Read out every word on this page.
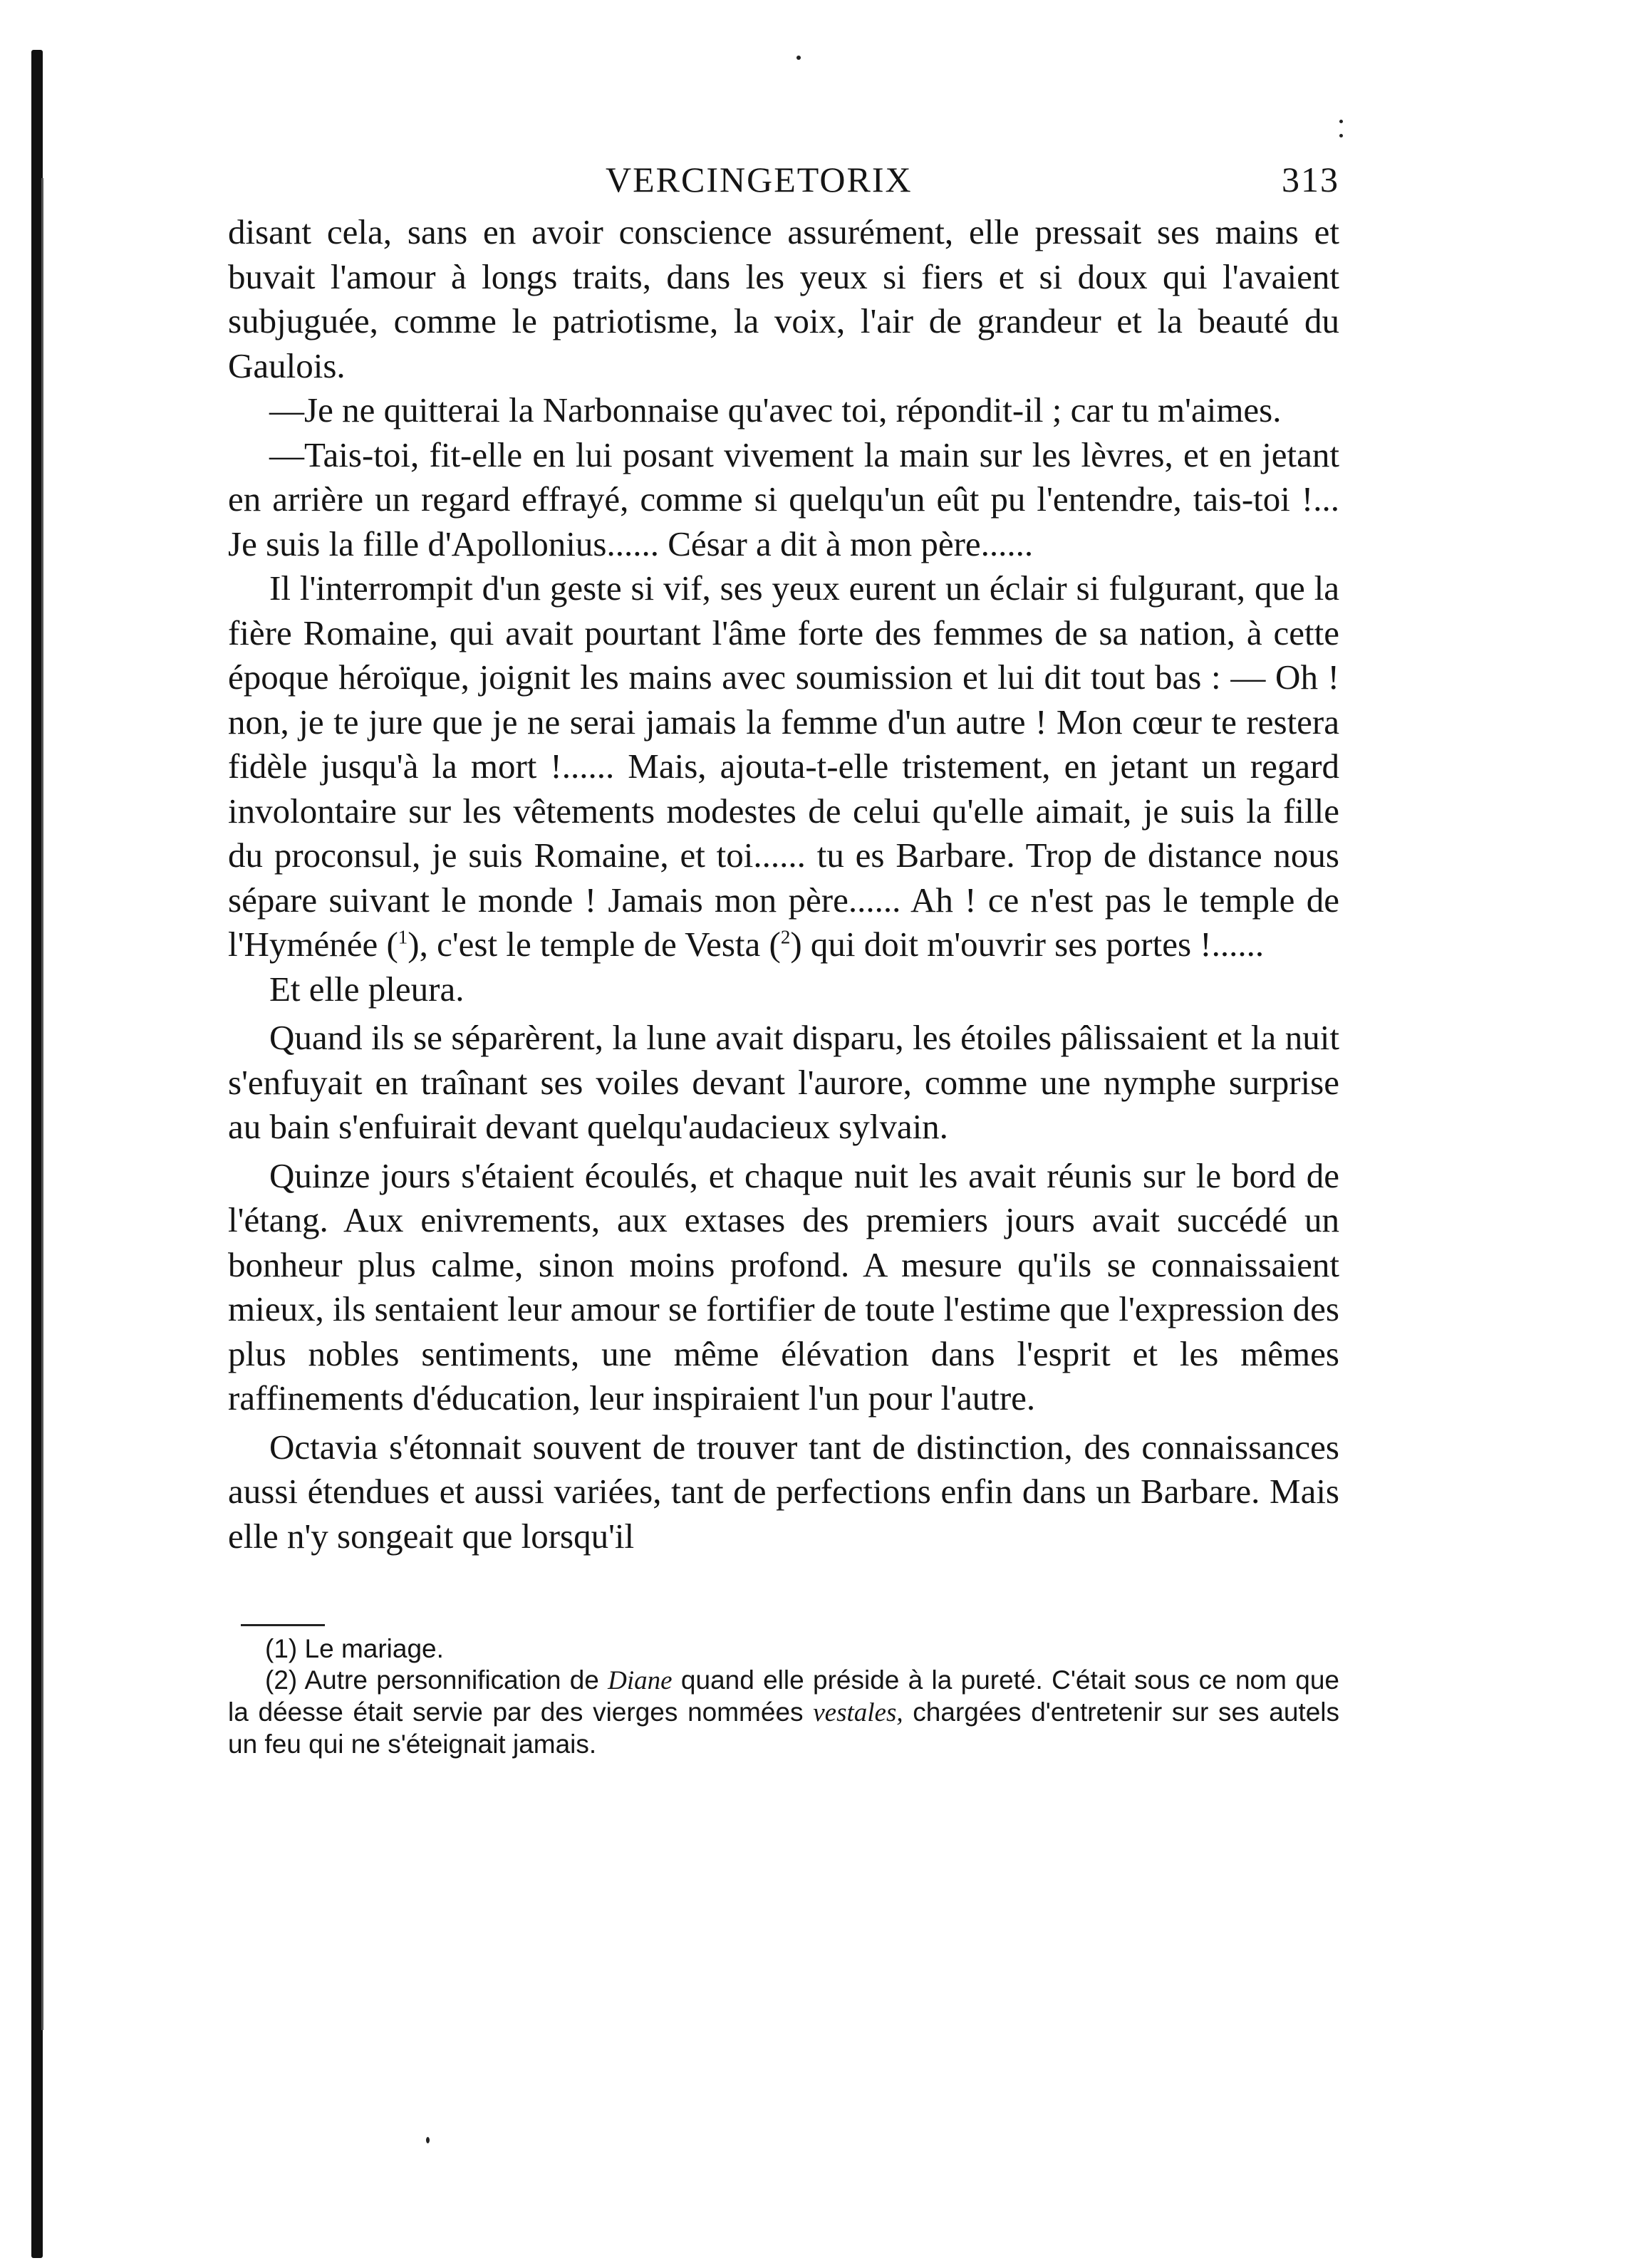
VERCINGETORIX	313

disant cela, sans en avoir conscience assurément, elle pressait ses mains et buvait l'amour à longs traits, dans les yeux si fiers et si doux qui l'avaient subjuguée, comme le patriotisme, la voix, l'air de grandeur et la beauté du Gaulois.

—Je ne quitterai la Narbonnaise qu'avec toi, répondit-il ; car tu m'aimes.

—Tais-toi, fit-elle en lui posant vivement la main sur les lèvres, et en jetant en arrière un regard effrayé, comme si quelqu'un eût pu l'entendre, tais-toi !... Je suis la fille d'Apollonius...... César a dit à mon père......

Il l'interrompit d'un geste si vif, ses yeux eurent un éclair si fulgurant, que la fière Romaine, qui avait pourtant l'âme forte des femmes de sa nation, à cette époque héroïque, joignit les mains avec soumission et lui dit tout bas : — Oh ! non, je te jure que je ne serai jamais la femme d'un autre ! Mon cœur te restera fidèle jusqu'à la mort !...... Mais, ajouta-t-elle tristement, en jetant un regard involontaire sur les vêtements modestes de celui qu'elle aimait, je suis la fille du proconsul, je suis Romaine, et toi...... tu es Barbare. Trop de distance nous sépare suivant le monde ! Jamais mon père...... Ah ! ce n'est pas le temple de l'Hyménée ($^1$), c'est le temple de Vesta ($^2$) qui doit m'ouvrir ses portes !......

Et elle pleura.

Quand ils se séparèrent, la lune avait disparu, les étoiles pâlissaient et la nuit s'enfuyait en traînant ses voiles devant l'aurore, comme une nymphe surprise au bain s'enfuirait devant quelqu'audacieux sylvain.

Quinze jours s'étaient écoulés, et chaque nuit les avait réunis sur le bord de l'étang. Aux enivrements, aux extases des premiers jours avait succédé un bonheur plus calme, sinon moins profond. A mesure qu'ils se connaissaient mieux, ils sentaient leur amour se fortifier de toute l'estime que l'expression des plus nobles sentiments, une même élévation dans l'esprit et les mêmes raffinements d'éducation, leur inspiraient l'un pour l'autre.

Octavia s'étonnait souvent de trouver tant de distinction, des connaissances aussi étendues et aussi variées, tant de perfections enfin dans un Barbare. Mais elle n'y songeait que lorsqu'il

(1) Le mariage.

(2) Autre personnification de Diane quand elle préside à la pureté. C'était sous ce nom que la déesse était servie par des vierges nommées vestales, chargées d'entretenir sur ses autels un feu qui ne s'éteignait jamais.
